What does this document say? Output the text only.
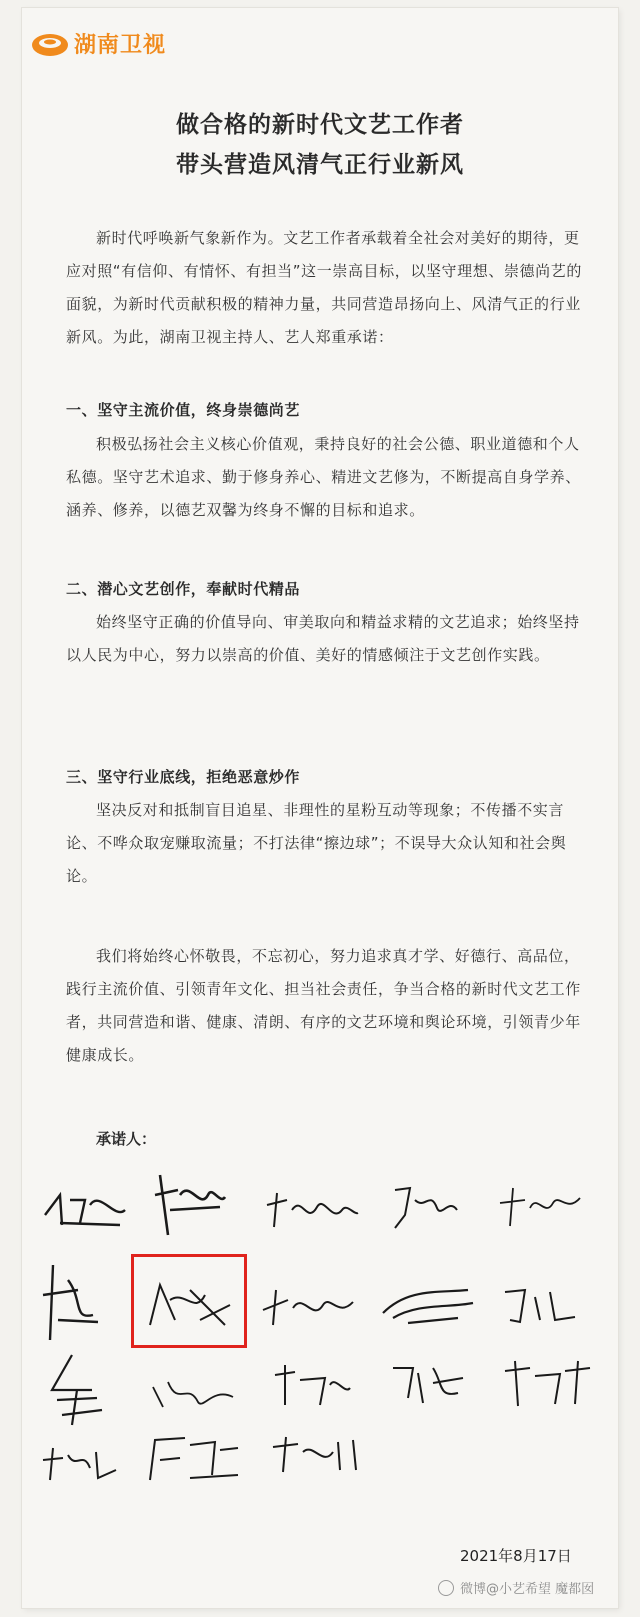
湖南卫视
做合格的新时代文艺工作者
带头营造风清气正行业新风

新时代呼唤新气象新作为。文艺工作者承载着全社会对美好的期待，更应对照“有信仰、有情怀、有担当”这一崇高目标，以坚守理想、崇德尚艺的面貌，为新时代贡献积极的精神力量，共同营造昂扬向上、风清气正的行业新风。为此，湖南卫视主持人、艺人郑重承诺：

一、坚守主流价值，终身崇德尚艺

积极弘扬社会主义核心价值观，秉持良好的社会公德、职业道德和个人私德。坚守艺术追求、勤于修身养心、精进文艺修为，不断提高自身学养、涵养、修养，以德艺双馨为终身不懈的目标和追求。

二、潜心文艺创作，奉献时代精品

始终坚守正确的价值导向、审美取向和精益求精的文艺追求；始终坚持以人民为中心，努力以崇高的价值、美好的情感倾注于文艺创作实践。

三、坚守行业底线，拒绝恶意炒作

坚决反对和抵制盲目追星、非理性的星粉互动等现象；不传播不实言论、不哗众取宠赚取流量；不打法律“擦边球”；不误导大众认知和社会舆论。

我们将始终心怀敬畏，不忘初心，努力追求真才学、好德行、高品位，践行主流价值、引领青年文化、担当社会责任，争当合格的新时代文艺工作者，共同营造和谐、健康、清朗、有序的文艺环境和舆论环境，引领青少年健康成长。

承诺人：
2021年8月17日
微博@小艺希望 魔都囡
